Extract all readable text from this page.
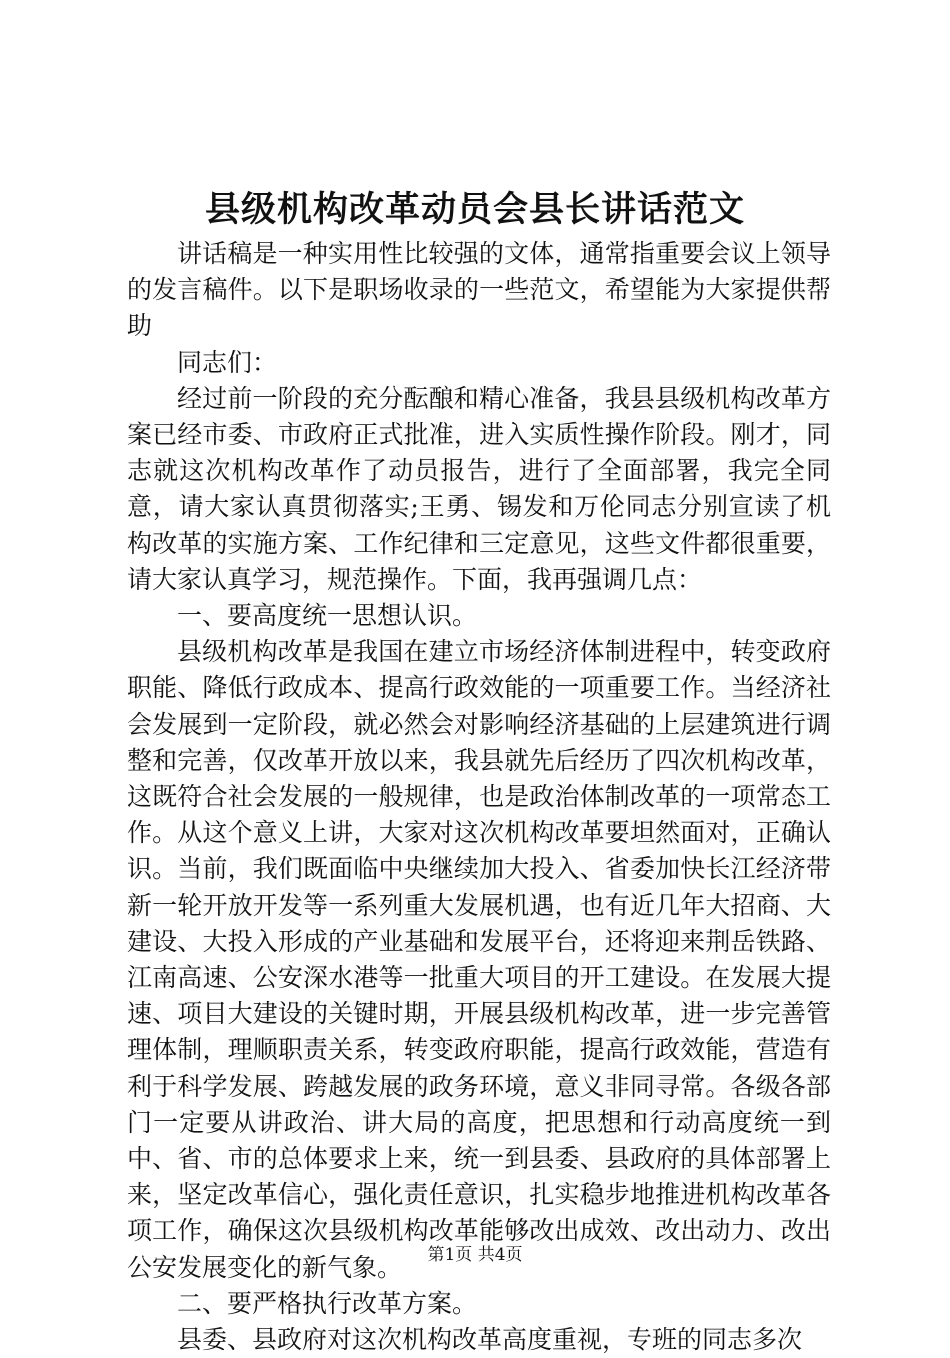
县级机构改革动员会县长讲话范文

讲话稿是一种实用性比较强的文体，通常指重要会议上领导的发言稿件。以下是职场收录的一些范文，希望能为大家提供帮助

同志们：

经过前一阶段的充分酝酿和精心准备，我县县级机构改革方案已经市委、市政府正式批准，进入实质性操作阶段。刚才，同志就这次机构改革作了动员报告，进行了全面部署，我完全同意，请大家认真贯彻落实;王勇、锡发和万伦同志分别宣读了机构改革的实施方案、工作纪律和三定意见，这些文件都很重要，请大家认真学习，规范操作。下面，我再强调几点：

一、要高度统一思想认识。

县级机构改革是我国在建立市场经济体制进程中，转变政府职能、降低行政成本、提高行政效能的一项重要工作。当经济社会发展到一定阶段，就必然会对影响经济基础的上层建筑进行调整和完善，仅改革开放以来，我县就先后经历了四次机构改革，这既符合社会发展的一般规律，也是政治体制改革的一项常态工作。从这个意义上讲，大家对这次机构改革要坦然面对，正确认识。当前，我们既面临中央继续加大投入、省委加快长江经济带新一轮开放开发等一系列重大发展机遇，也有近几年大招商、大建设、大投入形成的产业基础和发展平台，还将迎来荆岳铁路、江南高速、公安深水港等一批重大项目的开工建设。在发展大提速、项目大建设的关键时期，开展县级机构改革，进一步完善管理体制，理顺职责关系，转变政府职能，提高行政效能，营造有利于科学发展、跨越发展的政务环境，意义非同寻常。各级各部门一定要从讲政治、讲大局的高度，把思想和行动高度统一到中、省、市的总体要求上来，统一到县委、县政府的具体部署上来，坚定改革信心，强化责任意识，扎实稳步地推进机构改革各项工作，确保这次县级机构改革能够改出成效、改出动力、改出公安发展变化的新气象。

二、要严格执行改革方案。

县委、县政府对这次机构改革高度重视，专班的同志多次

第1页 共4页
